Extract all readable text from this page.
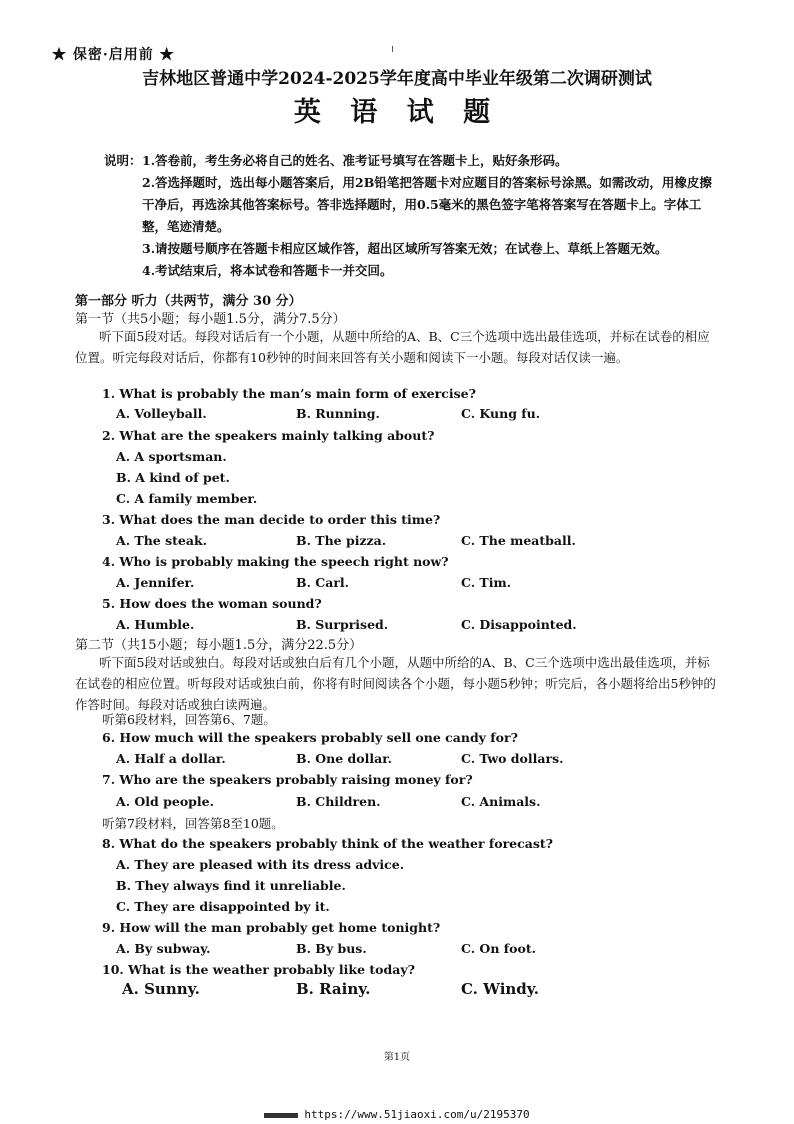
★ 保密·启用前 ★
吉林地区普通中学2024-2025学年度高中毕业年级第二次调研测试
英 语 试 题
说明： 1.答卷前，考生务必将自己的姓名、准考证号填写在答题卡上，贴好条形码。
2.答选择题时，选出每小题答案后，用2B铅笔把答题卡对应题目的答案标号涂黑。如需改动，用橡皮擦干净后，再选涂其他答案标号。答非选择题时，用0.5毫米的黑色签字笔将答案写在答题卡上。字体工整，笔迹清楚。
3.请按题号顺序在答题卡相应区域作答，超出区域所写答案无效；在试卷上、草纸上答题无效。
4.考试结束后，将本试卷和答题卡一并交回。
第一部分 听力（共两节，满分 30 分）
第一节（共5小题；每小题1.5分，满分7.5分）
听下面5段对话。每段对话后有一个小题，从题中所给的A、B、C三个选项中选出最佳选项，并标在试卷的相应位置。听完每段对话后，你都有10秒钟的时间来回答有关小题和阅读下一小题。每段对话仅读一遍。
1. What is probably the man’s main form of exercise?
A. Volleyball.	B. Running.	C. Kung fu.
2. What are the speakers mainly talking about?
A. A sportsman.
B. A kind of pet.
C. A family member.
3. What does the man decide to order this time?
A. The steak.	B. The pizza.	C. The meatball.
4. Who is probably making the speech right now?
A. Jennifer.	B. Carl.	C. Tim.
5. How does the woman sound?
A. Humble.	B. Surprised.	C. Disappointed.
第二节（共15小题；每小题1.5分，满分22.5分）
听下面5段对话或独白。每段对话或独白后有几个小题，从题中所给的A、B、C三个选项中选出最佳选项，并标在试卷的相应位置。听每段对话或独白前，你将有时间阅读各个小题，每小题5秒钟；听完后，各小题将给出5秒钟的作答时间。每段对话或独白读两遍。
听第6段材料，回答第6、7题。
6. How much will the speakers probably sell one candy for?
A. Half a dollar.	B. One dollar.	C. Two dollars.
7. Who are the speakers probably raising money for?
A. Old people.	B. Children.	C. Animals.
听第7段材料，回答第8至10题。
8. What do the speakers probably think of the weather forecast?
A. They are pleased with its dress advice.
B. They always find it unreliable.
C. They are disappointed by it.
9. How will the man probably get home tonight?
A. By subway.	B. By bus.	C. On foot.
10. What is the weather probably like today?
A. Sunny.	B. Rainy.	C. Windy.
第1页
https://www.51jiaoxi.com/u/2195370
